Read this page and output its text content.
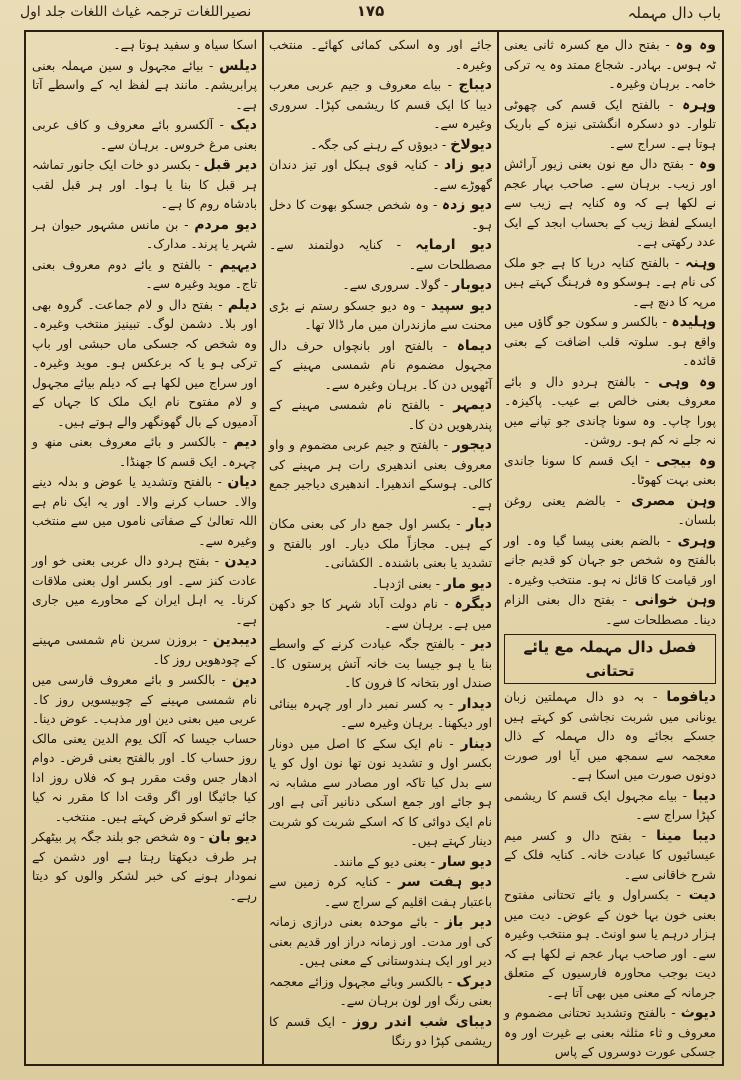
باب دال مہملہ
۱۷۵
نصیراللغات ترجمہ غیاث اللغات جلد اول
وہ وہ - بفتح دال مع کسرہ ثانی یعنی ٹہ ہوس۔ بہادر۔ شجاع ممتد وہ یہ ترکی خامہ۔ برہان وغیرہ۔
وہرہ - بالفتح ایک قسم کی چھوٹی تلوار۔ دو دسکرہ انگشتی نیزہ کے باریک ہوتا ہے۔ سراج سے۔
وہ - بفتح دال مع نون بعنی زیور آرائش اور زیب۔ برہان سے۔ صاحب بہار عجم نے لکھا ہے کہ وہ کنایہ ہے زیب سے ایسکے لفظ زیب کے بحساب ابجد کے ایک عدد رکھتی ہے۔
وہنہ - بالفتح کنایہ دریا کا ہے جو ملک کی نام ہے۔ ہوسکو وہ فرہنگ کہتے ہیں مرپہ کا دنچ ہے۔
وہلیدہ - بالکسر و سکون جو گاؤں میں واقع ہو۔ سلوتہ قلب اضافت کے بعنی قائدہ۔
وہ وہی - بالفتح ہردو دال و بائے معروف بعنی خالص بے عیب۔ پاکیزہ۔ پورا چاپ۔ وہ سونا چاندی جو تپانے میں نہ جلے نہ کم ہو۔ روشن۔
وہ بیجی - ایک قسم کا سونا جاندی بعنی بہت کھوٹا۔
وہن مصری - بالضم یعنی روغن بلسان۔
وہری - بالضم بعنی پیسا گیا وہ۔ اور بالفتح وہ شخص جو جہان کو قدیم جانے اور قیامت کا قائل نہ ہو۔ منتخب وغیرہ۔
وہن خوانی - بفتح دال بعنی الزام دینا۔ مصطلحات سے۔
فصل دال مہملہ مع یائے تحتانی
دیافوما - بہ دو دال مہملتین زبان یونانی میں شربت نجاشی کو کہتے ہیں جسکے بجائے وہ دال مہملہ کے ذال معجمہ سے سمجھ میں آیا اور صورت دونوں صورت میں اسکا ہے۔
دیبا - بیاے مجہول ایک قسم کا ریشمی کپڑا سراج سے۔
دیبا مینا - بفتح دال و کسر میم عیسائیوں کا عبادت خانہ۔ کنایہ فلک کے شرح خاقانی سے۔
دیت - بکسراول و یائے تحتانی مفتوح بعنی خون بہا خون کے عوض۔ دیت میں ہزار درہم یا سو اونٹ۔ ہو منتخب وغیرہ سے۔ اور صاحب بہار عجم نے لکھا ہے کہ دیت بوجب محاورہ فارسیوں کے متعلق جرمانہ کے معنی میں بھی آتا ہے۔
دیوث - بالفتح وتشدید تحتانی مضموم و معروف و ثاء مثلثہ بعنی بے غیرت اور وہ جسکی عورت دوسروں کے پاس
جائے اور وہ اسکی کمائی کھائے۔ منتخب وغیرہ۔
دیباج - بیاے معروف و جیم عربی معرب دیبا کا ایک قسم کا ریشمی کپڑا۔ سروری وغیرہ سے۔
دیولاخ - دیوؤں کے رہنے کی جگہ۔
دیو زاد - کنایہ قوی ہیکل اور تیز دندان گھوڑے سے۔
دیو زدہ - وہ شخص جسکو بھوت کا دخل ہو۔
دیو ارمایہ - کنایہ دولتمند سے۔ مصطلحات سے۔
دیوبار - گولا۔ سروری سے۔
دیو سپید - وہ دیو جسکو رستم نے بڑی محنت سے مازندران میں مار ڈالا تھا۔
دیماہ - بالفتح اور بانچواں حرف دال مجہول مضموم نام شمسی مہینے کے آٹھویں دن کا۔ برہان وغیرہ سے۔
دیمہر - بالفتح نام شمسی مہینے کے پندرھویں دن کا۔
دیجور - بالفتح و جیم عربی مضموم و واو معروف بعنی اندھیری رات ہر مہینے کی کالی۔ ہوسکے اندھیرا۔ اندھیری دیاجیر جمع ہے۔
دیار - بکسر اول جمع دار کی بعنی مکان کے ہیں۔ مجازاً ملک دیار۔ اور بالفتح و تشدید یا بعنی باشندہ۔ الکشانی۔
دیو مار - بعنی اژدہا۔
دیگرہ - نام دولت آباد شہر کا جو دکھن میں ہے۔ برہان سے۔
دیر - بالفتح جگہ عبادت کرنے کے واسطے بنا یا ہو جیسا بت خانہ آتش پرستوں کا۔ صندل اور بتخانہ کا فرون کا۔
دیدار - بہ کسر نمبر دار اور چہرہ بینائی اور دیکھنا۔ برہان وغیرہ سے۔
دینار - نام ایک سکے کا اصل میں دونار بکسر اول و تشدید نون تھا نون اول کو یا سے بدل کیا تاکہ اور مصادر سے مشابہ نہ ہو جائے اور جمع اسکی دنانیر آتی ہے اور نام ایک دوائی کا کہ اسکے شربت کو شربت دینار کہتے ہیں۔
دیو سار - بعنی دیو کے مانند۔
دیو ہفت سر - کنایہ کرہ زمین سے باعتبار ہفت اقلیم کے سراج سے۔
دیر باز - بائے موحدہ بعنی درازی زمانہ کی اور مدت۔ اور زمانہ دراز اور قدیم بعنی دیر اور ایک ہندوستانی کے معنی ہیں۔
دیرک - بالکسر وبائے مجہول وزائے معجمہ بعنی رنگ اور لون برہان سے۔
دیبای شب اندر روز - ایک قسم کا ریشمی کپڑا دو رنگا
اسکا سیاہ و سفید ہوتا ہے۔
دیلس - بیائے مجہول و سین مہملہ بعنی پرابریشم۔ مانند ہے لفظ ایہ کے واسطے آتا ہے۔
دیک - آلکسرو بائے معروف و کاف عربی بعنی مرغ خروس۔ برہان سے۔
دیر قبل - بکسر دو خات ایک جانور تماشہ ہر قبل کا بنا یا ہوا۔ اور ہر قبل لقب بادشاہ روم کا ہے۔
دیو مردم - بن مانس مشہور حیوان ہر شہر یا پرند۔ مدارک۔
دیہیم - بالفتح و یائے دوم معروف بعنی تاج۔ موید وغیرہ سے۔
دیلم - بفتح دال و لام جماعت۔ گروہ بھی اور بلا۔ دشمن لوگ۔ تبینیز منتخب وغیرہ۔ وہ شخص کہ جسکی ماں حبشی اور باپ ترکی ہو یا کہ برعکس ہو۔ موید وغیرہ۔ اور سراج میں لکھا ہے کہ دیلم بیائے مجہول و لام مفتوح نام ایک ملک کا جہاں کے آدمیوں کے بال گھونگھر والے ہوتے ہیں۔
دیم - بالکسر و بائے معروف بعنی منھ و چہرہ۔ ایک قسم کا جھنڈا۔
دیان - بالفتح وتشدید یا عوض و بدلہ دینے والا۔ حساب کرنے والا۔ اور یہ ایک نام ہے اللہ تعالیٰ کے صفاتی ناموں میں سے منتخب وغیرہ سے۔
دیدن - بفتح ہردو دال عربی بعنی خو اور عادت کنز سے۔ اور بکسر اول بعنی ملاقات کرنا۔ یہ اہل ایران کے محاورے میں جاری ہے۔
دیبدین - بروزن سرین نام شمسی مہینے کے چودھویں روز کا۔
دین - بالکسر و بائے معروف فارسی میں نام شمسی مہینے کے چوبیسویں روز کا۔ عربی میں بعنی دین اور مذہب۔ عوض دینا۔ حساب جیسا کہ آلک یوم الدین یعنی مالک روز حساب کا۔ اور بالفتح بعنی قرض۔ دوام ادھار جس وقت مقرر ہو کہ فلاں روز ادا کیا جائیگا اور اگر وقت ادا کا مقرر نہ کیا جائے تو اسکو قرض کہتے ہیں۔ منتخب۔
دیو بان - وہ شخص جو بلند جگہ پر بیٹھکر ہر طرف دیکھتا رہتا ہے اور دشمن کے نمودار ہونے کی خبر لشکر والوں کو دیتا رہے۔
